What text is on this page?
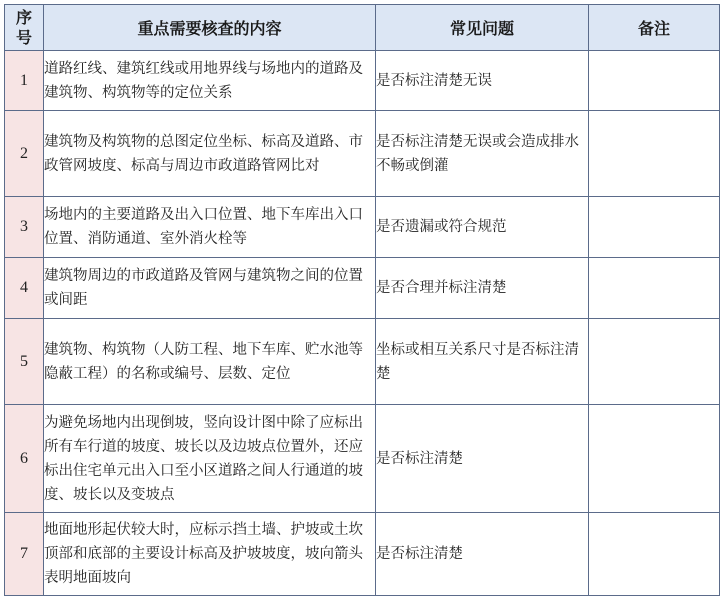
序
号	重点需要核查的内容	常见问题	备注
1	道路红线、建筑红线或用地界线与场地内的道路及建筑物、构筑物等的定位关系	是否标注清楚无误	
2	建筑物及构筑物的总图定位坐标、标高及道路、市政管网坡度、标高与周边市政道路管网比对	是否标注清楚无误或会造成排水不畅或倒灌	
3	场地内的主要道路及出入口位置、地下车库出入口位置、消防通道、室外消火栓等	是否遗漏或符合规范	
4	建筑物周边的市政道路及管网与建筑物之间的位置或间距	是否合理并标注清楚	
5	建筑物、构筑物（人防工程、地下车库、贮水池等隐蔽工程）的名称或编号、层数、定位	坐标或相互关系尺寸是否标注清楚	
6	为避免场地内出现倒坡，竖向设计图中除了应标出所有车行道的坡度、坡长以及边坡点位置外，还应标出住宅单元出入口至小区道路之间人行通道的坡度、坡长以及变坡点	是否标注清楚	
7	地面地形起伏较大时，应标示挡土墙、护坡或土坎顶部和底部的主要设计标高及护坡坡度，坡向箭头表明地面坡向	是否标注清楚	
